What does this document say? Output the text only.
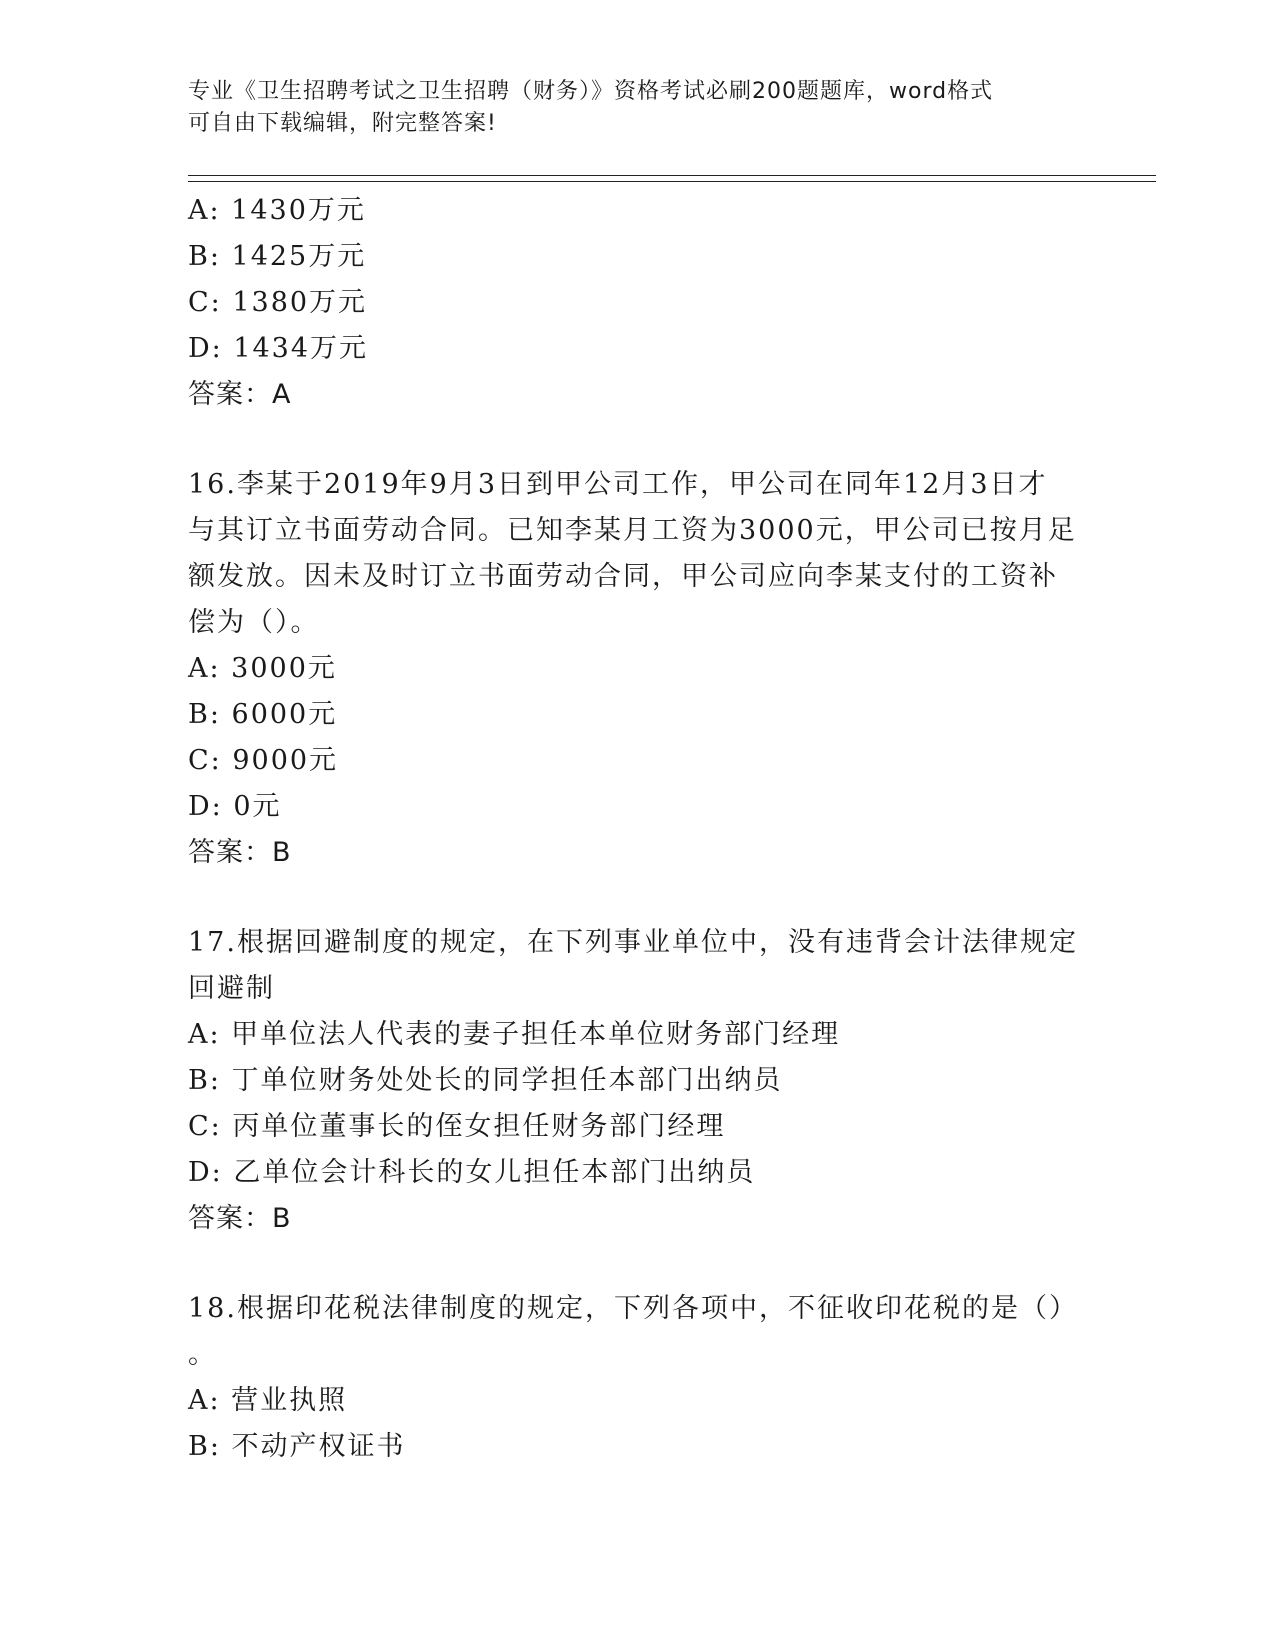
专业《卫生招聘考试之卫生招聘（财务）》资格考试必刷200题题库，word格式
可自由下载编辑，附完整答案!
A: 1430万元
B: 1425万元
C: 1380万元
D: 1434万元
答案：A
16.李某于2019年9月3日到甲公司工作，甲公司在同年12月3日才
与其订立书面劳动合同。已知李某月工资为3000元，甲公司已按月足
额发放。因未及时订立书面劳动合同，甲公司应向李某支付的工资补
偿为（）。
A: 3000元
B: 6000元
C: 9000元
D: 0元
答案：B
17.根据回避制度的规定，在下列事业单位中，没有违背会计法律规定
回避制
A: 甲单位法人代表的妻子担任本单位财务部门经理
B: 丁单位财务处处长的同学担任本部门出纳员
C: 丙单位董事长的侄女担任财务部门经理
D: 乙单位会计科长的女儿担任本部门出纳员
答案：B
18.根据印花税法律制度的规定，下列各项中，不征收印花税的是（）
。
A: 营业执照
B: 不动产权证书
